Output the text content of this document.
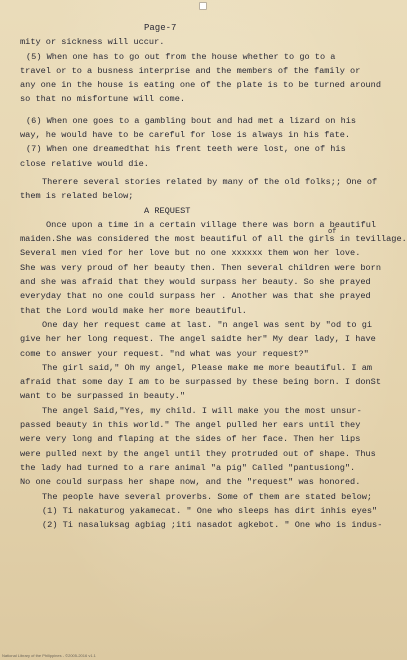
Page-7
mity or sickness will uccur.
(5) When one has to go out from the house whether to go to a
travel or to a busness interprise and the members of the family or
any one in the house is eating one of the plate is to be turned around
so that no misfortune will come.
(6) When one goes to a gambling bout and had met a lizard on his
way, he would have to be careful for lose is always in his fate.
(7) When one dreamedthat his frent teeth were lost, one of his
close relative would die.
Therere several stories related by many of the old folks;; One of
them is related below;
A REQUEST
Once upon a time in a certain village there was born a beautiful
of
maiden.She was considered the most beautiful of all the girls in tevillage.
Several men vied for her love but no one xxxxxx them won her love.
She was very proud of her beauty then. Then several children were born
and she was afraid that they would surpass her beauty. So she prayed
everyday that no one could surpass her . Another was that she prayed
that the Lord would make her more beautiful.
One day her request came at last. "n angel was sent by "od to gi
give her her long request. The angel saidte her" My dear lady, I have
come to answer your request. "nd what was your request?"
The girl said," Oh my angel, Please make me more beautiful. I am
afraid that some day I am to be surpassed by these being born. I donSt
want to be surpassed in beauty."
The angel Said,"Yes, my child. I will make you the most unsur-
passed beauty in this world." The angel pulled her ears until they
were very long and flaping at the sides of her face. Then her lips
were pulled next by the angel until they protruded out of shape. Thus
the lady had turned to a rare animal "a pig" Called "pantusiong".
No one could surpass her shape now, and the "request" was honored.
The people have several proverbs. Some of them are stated below;
(1) Ti nakaturog yakamecat. " One who sleeps has dirt inhis eyes"
(2) Ti nasaluksag agbiag ;iti nasadot agkebot. " One who is indus-
National Library of the Philippines - ©2005-2016 v1.1
